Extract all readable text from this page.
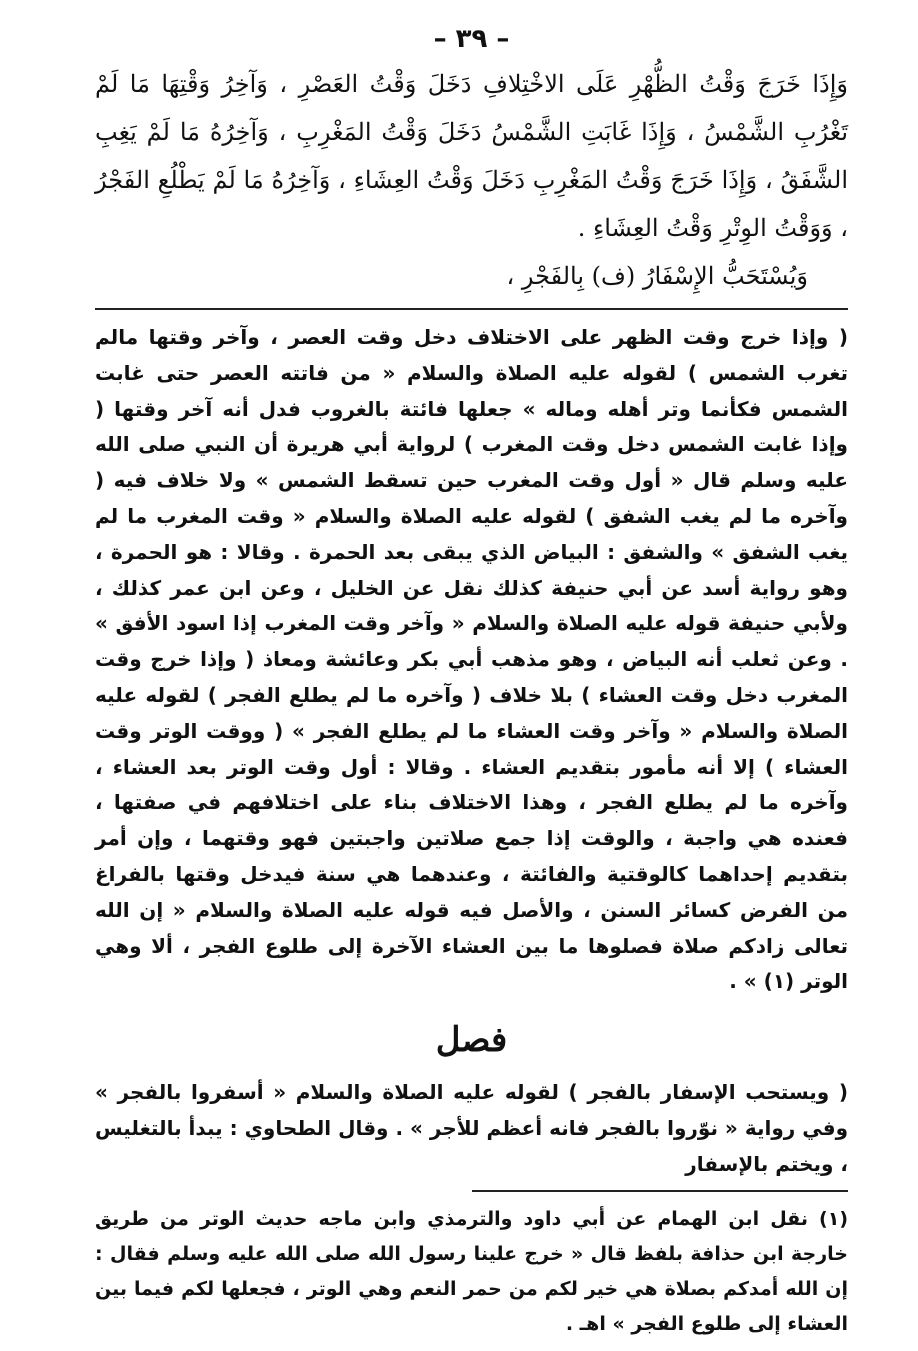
– ٣٩ –

وَإِذَا خَرَجَ وَقْتُ الظُّهْرِ عَلَى الاخْتِلافِ دَخَلَ وَقْتُ العَصْرِ ، وَآخِرُ وَقْتِهَا مَا لَمْ تَغْرُبِ الشَّمْسُ ، وَإِذَا غَابَتِ الشَّمْسُ دَخَلَ وَقْتُ المَغْرِبِ ، وَآخِرُهُ مَا لَمْ يَغِبِ الشَّفَقُ ، وَإِذَا خَرَجَ وَقْتُ المَغْرِبِ دَخَلَ وَقْتُ العِشَاءِ ، وَآخِرُهُ مَا لَمْ يَطْلُعِ الفَجْرُ ، وَوَقْتُ الوِتْرِ وَقْتُ العِشَاءِ .

وَيُسْتَحَبُّ الإِسْفَارُ (ف) بِالفَجْرِ ،

( وإذا خرج وقت الظهر على الاختلاف دخل وقت العصر ، وآخر وقتها مالم تغرب الشمس ) لقوله عليه الصلاة والسلام « من فاتته العصر حتى غابت الشمس فكأنما وتر أهله وماله » جعلها فائتة بالغروب فدل أنه آخر وقتها ( وإذا غابت الشمس دخل وقت المغرب ) لرواية أبي هريرة أن النبي صلى الله عليه وسلم قال « أول وقت المغرب حين تسقط الشمس » ولا خلاف فيه ( وآخره ما لم يغب الشفق ) لقوله عليه الصلاة والسلام « وقت المغرب ما لم يغب الشفق » والشفق : البياض الذي يبقى بعد الحمرة . وقالا : هو الحمرة ، وهو رواية أسد عن أبي حنيفة كذلك نقل عن الخليل ، وعن ابن عمر كذلك ، ولأبي حنيفة قوله عليه الصلاة والسلام « وآخر وقت المغرب إذا اسود الأفق » . وعن ثعلب أنه البياض ، وهو مذهب أبي بكر وعائشة ومعاذ ( وإذا خرج وقت المغرب دخل وقت العشاء ) بلا خلاف ( وآخره ما لم يطلع الفجر ) لقوله عليه الصلاة والسلام « وآخر وقت العشاء ما لم يطلع الفجر » ( ووقت الوتر وقت العشاء ) إلا أنه مأمور بتقديم العشاء . وقالا : أول وقت الوتر بعد العشاء ، وآخره ما لم يطلع الفجر ، وهذا الاختلاف بناء على اختلافهم في صفتها ، فعنده هي واجبة ، والوقت إذا جمع صلاتين واجبتين فهو وقتهما ، وإن أمر بتقديم إحداهما كالوقتية والفائتة ، وعندهما هي سنة فيدخل وقتها بالفراغ من الفرض كسائر السنن ، والأصل فيه قوله عليه الصلاة والسلام « إن الله تعالى زادكم صلاة فصلوها ما بين العشاء الآخرة إلى طلوع الفجر ، ألا وهي الوتر (١) » .
فصل
( ويستحب الإسفار بالفجر ) لقوله عليه الصلاة والسلام « أسفروا بالفجر » وفي رواية « نوّروا بالفجر فانه أعظم للأجر » . وقال الطحاوي : يبدأ بالتغليس ، ويختم بالإسفار
(١) نقل ابن الهمام عن أبي داود والترمذي وابن ماجه حديث الوتر من طريق خارجة ابن حذافة بلفظ قال « خرج علينا رسول الله صلى الله عليه وسلم فقال : إن الله أمدكم بصلاة هي خير لكم من حمر النعم وهي الوتر ، فجعلها لكم فيما بين العشاء إلى طلوع الفجر » اهـ .
